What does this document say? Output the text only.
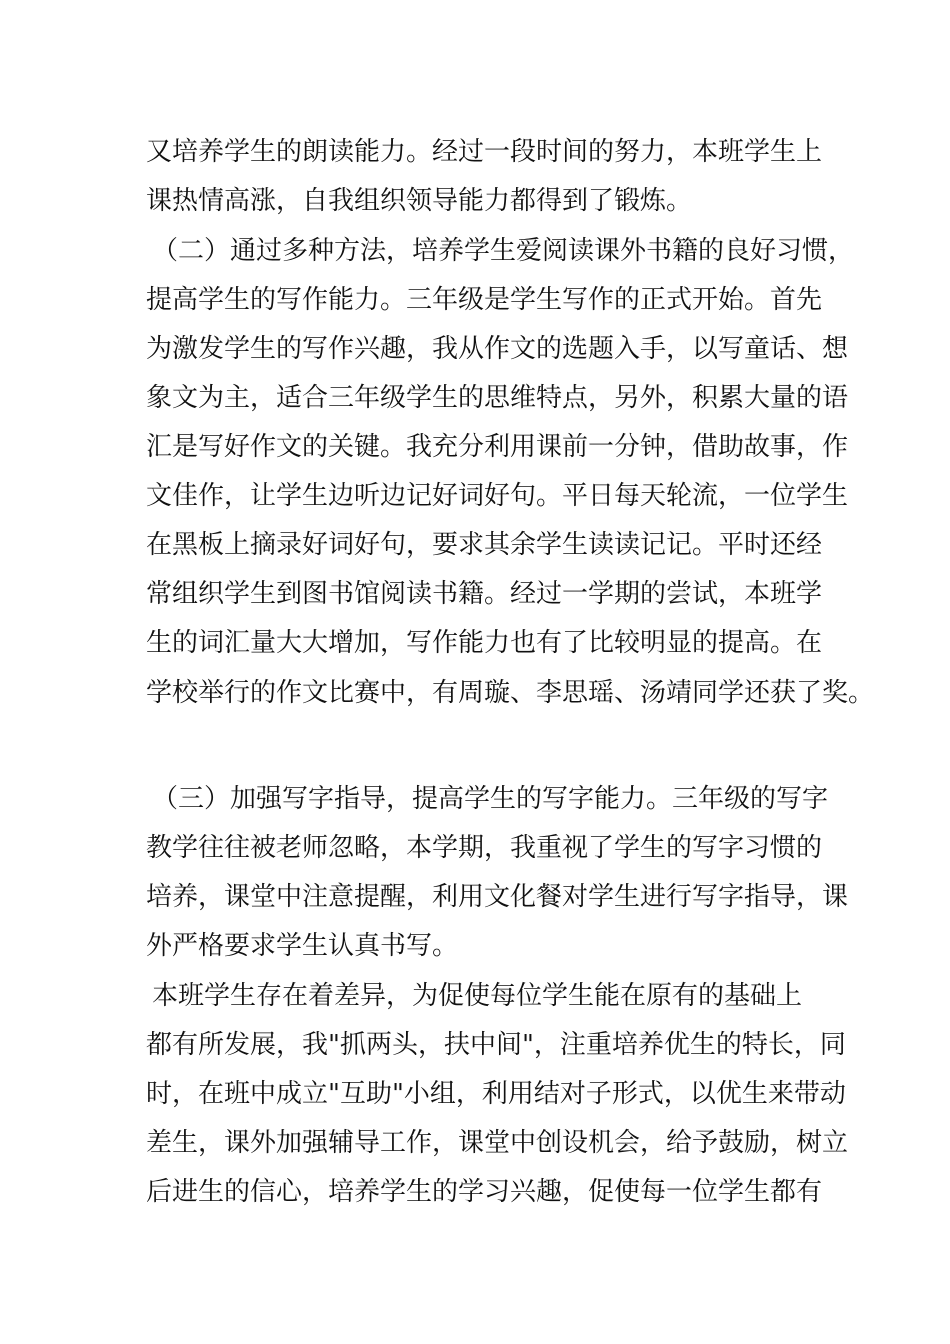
又培养学生的朗读能力。经过一段时间的努力，本班学生上
课热情高涨，自我组织领导能力都得到了锻炼。
（二）通过多种方法，培养学生爱阅读课外书籍的良好习惯，
提高学生的写作能力。三年级是学生写作的正式开始。首先
为激发学生的写作兴趣，我从作文的选题入手，以写童话、想
象文为主，适合三年级学生的思维特点，另外，积累大量的语
汇是写好作文的关键。我充分利用课前一分钟，借助故事，作
文佳作，让学生边听边记好词好句。平日每天轮流，一位学生
在黑板上摘录好词好句，要求其余学生读读记记。平时还经
常组织学生到图书馆阅读书籍。经过一学期的尝试，本班学
生的词汇量大大增加，写作能力也有了比较明显的提高。在
学校举行的作文比赛中，有周璇、李思瑶、汤靖同学还获了奖。
（三）加强写字指导，提高学生的写字能力。三年级的写字
教学往往被老师忽略，本学期，我重视了学生的写字习惯的
培养，课堂中注意提醒，利用文化餐对学生进行写字指导，课
外严格要求学生认真书写。
本班学生存在着差异，为促使每位学生能在原有的基础上
都有所发展，我"抓两头，扶中间"，注重培养优生的特长，同
时，在班中成立"互助"小组，利用结对子形式，以优生来带动
差生，课外加强辅导工作，课堂中创设机会，给予鼓励，树立
后进生的信心，培养学生的学习兴趣，促使每一位学生都有
